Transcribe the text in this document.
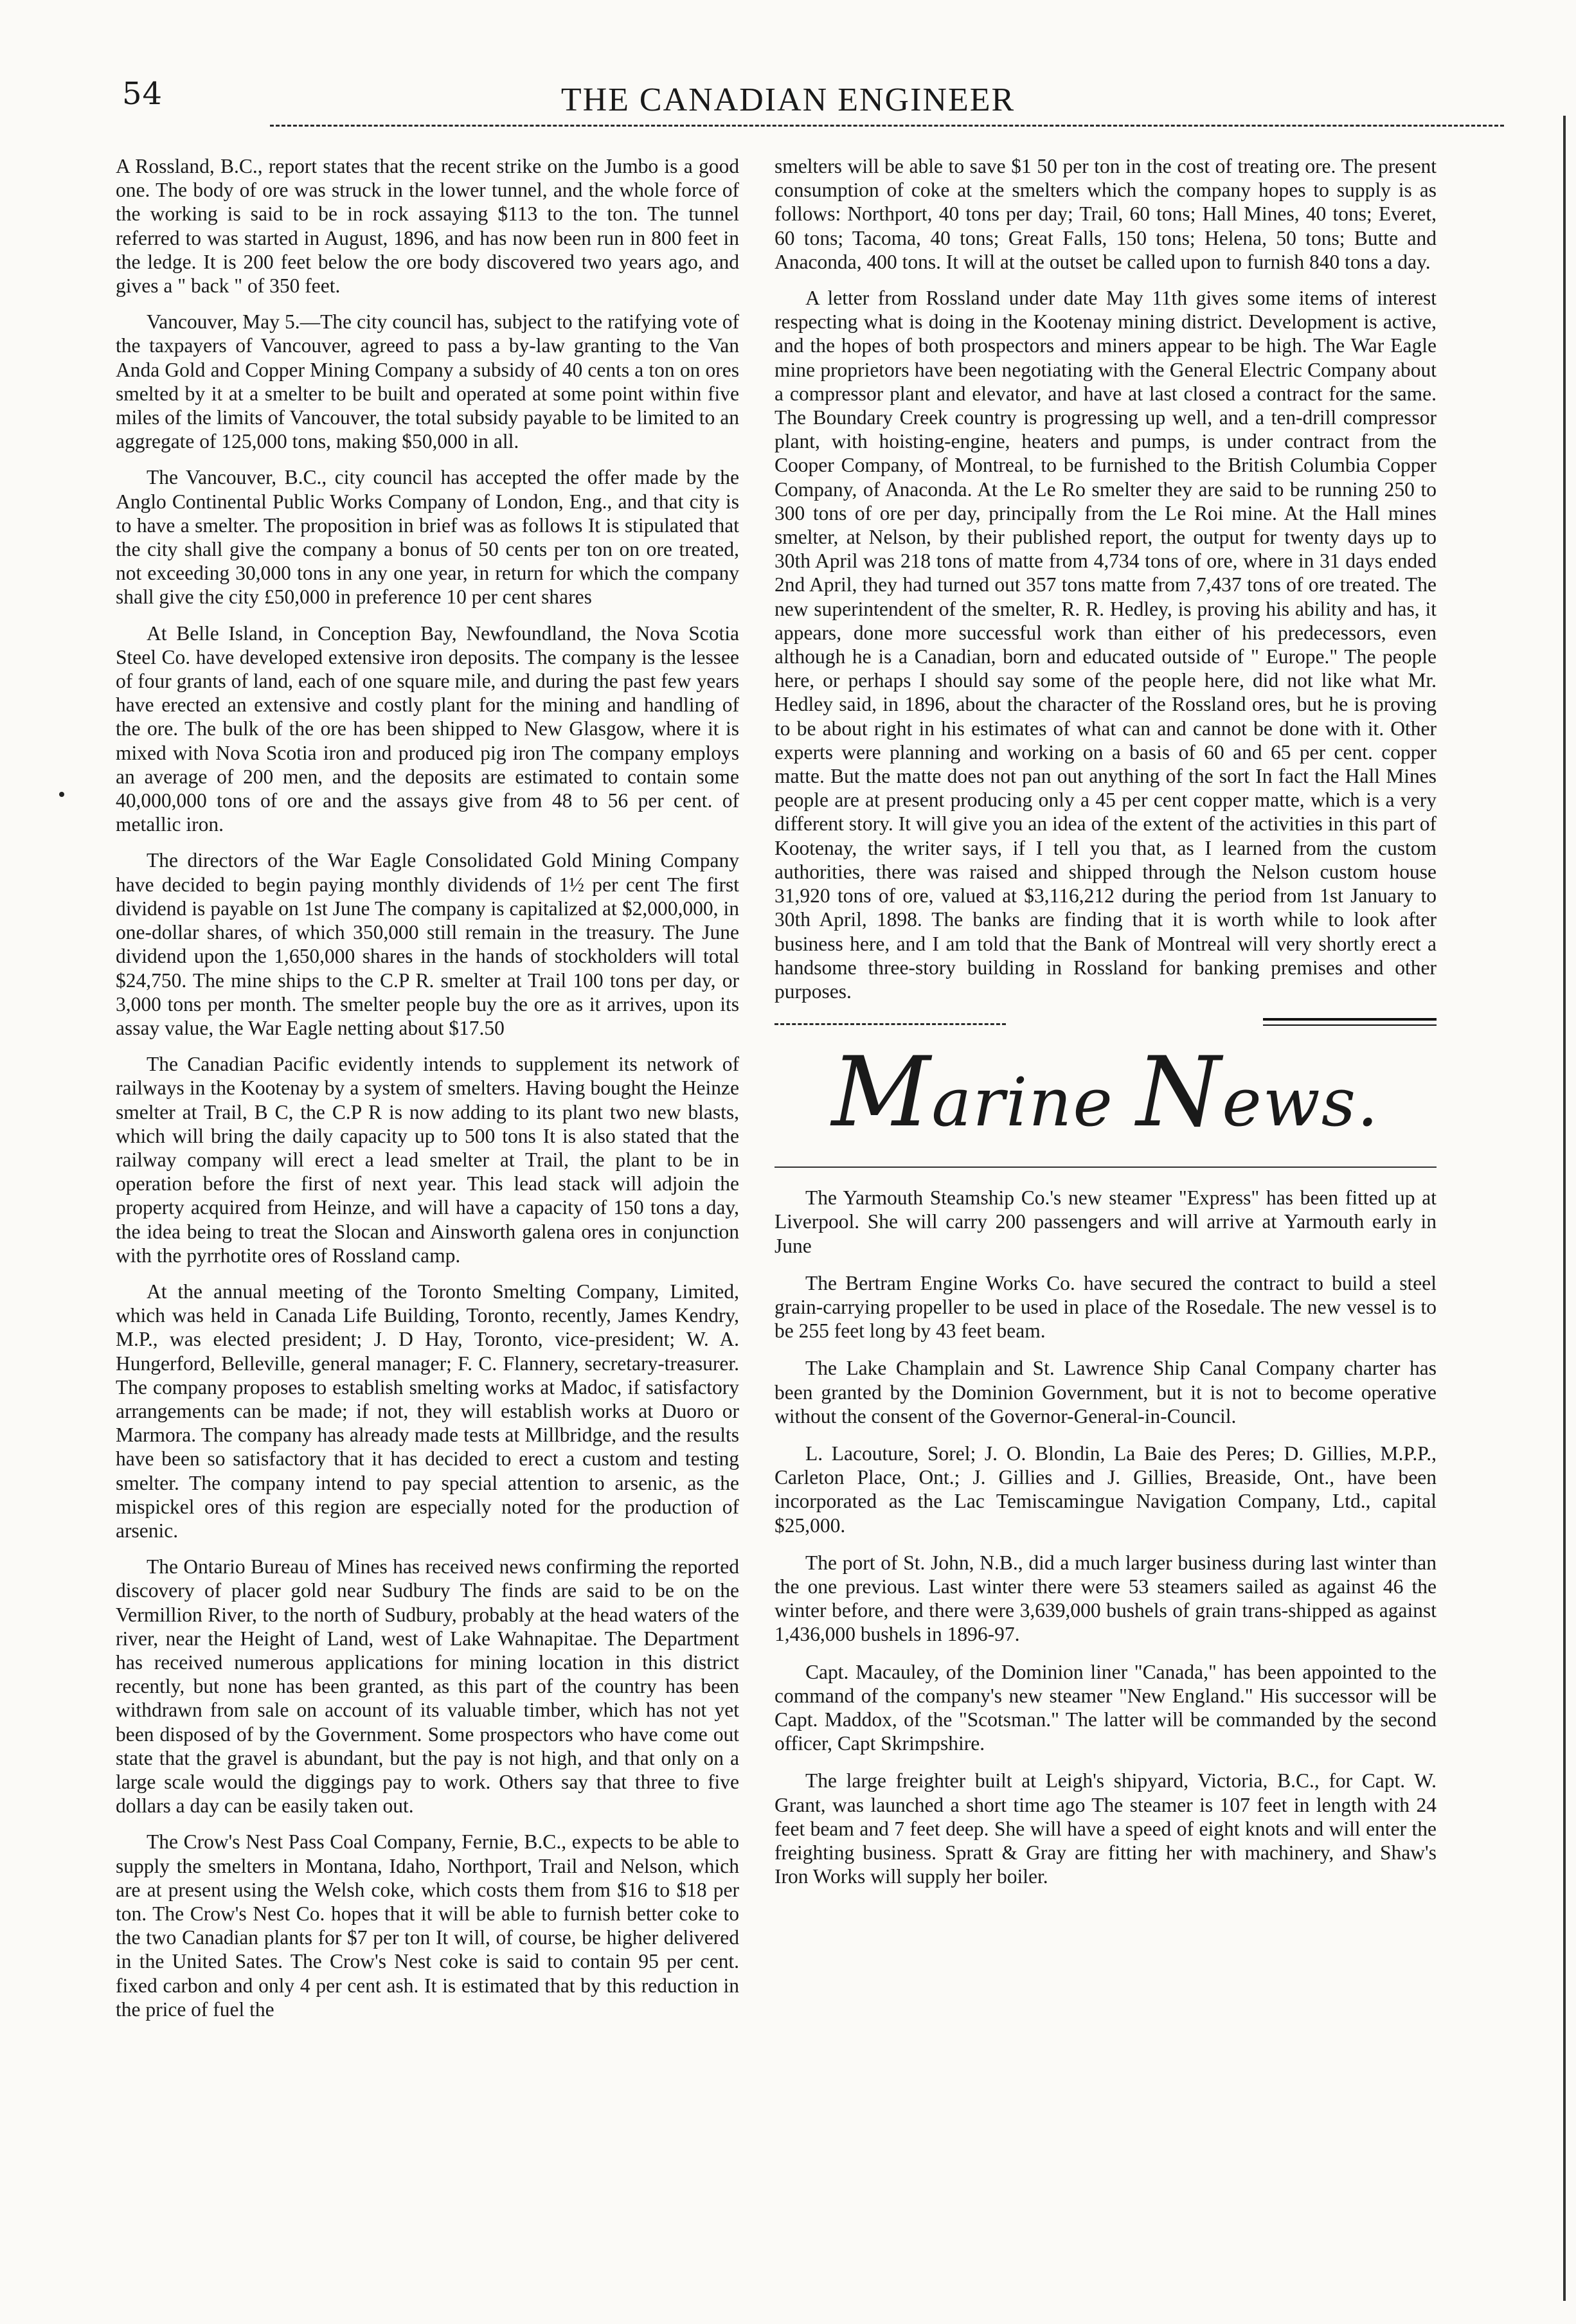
54	THE CANADIAN ENGINEER

A Rossland, B.C., report states that the recent strike on the Jumbo is a good one. The body of ore was struck in the lower tunnel, and the whole force of the working is said to be in rock assaying $113 to the ton. The tunnel referred to was started in August, 1896, and has now been run in 800 feet in the ledge. It is 200 feet below the ore body discovered two years ago, and gives a " back " of 350 feet.

Vancouver, May 5.—The city council has, subject to the ratifying vote of the taxpayers of Vancouver, agreed to pass a by-law granting to the Van Anda Gold and Copper Mining Company a subsidy of 40 cents a ton on ores smelted by it at a smelter to be built and operated at some point within five miles of the limits of Vancouver, the total subsidy payable to be limited to an aggregate of 125,000 tons, making $50,000 in all.

The Vancouver, B.C., city council has accepted the offer made by the Anglo Continental Public Works Company of London, Eng., and that city is to have a smelter. The proposition in brief was as follows It is stipulated that the city shall give the company a bonus of 50 cents per ton on ore treated, not exceeding 30,000 tons in any one year, in return for which the company shall give the city £50,000 in preference 10 per cent shares

At Belle Island, in Conception Bay, Newfoundland, the Nova Scotia Steel Co. have developed extensive iron deposits. The company is the lessee of four grants of land, each of one square mile, and during the past few years have erected an extensive and costly plant for the mining and handling of the ore. The bulk of the ore has been shipped to New Glasgow, where it is mixed with Nova Scotia iron and produced pig iron The company employs an average of 200 men, and the deposits are estimated to contain some 40,000,000 tons of ore and the assays give from 48 to 56 per cent. of metallic iron.

The directors of the War Eagle Consolidated Gold Mining Company have decided to begin paying monthly dividends of 1½ per cent The first dividend is payable on 1st June The company is capitalized at $2,000,000, in one-dollar shares, of which 350,000 still remain in the treasury. The June dividend upon the 1,650,000 shares in the hands of stockholders will total $24,750. The mine ships to the C.P R. smelter at Trail 100 tons per day, or 3,000 tons per month. The smelter people buy the ore as it arrives, upon its assay value, the War Eagle netting about $17.50

The Canadian Pacific evidently intends to supplement its network of railways in the Kootenay by a system of smelters. Having bought the Heinze smelter at Trail, B C, the C.P R is now adding to its plant two new blasts, which will bring the daily capacity up to 500 tons It is also stated that the railway company will erect a lead smelter at Trail, the plant to be in operation before the first of next year. This lead stack will adjoin the property acquired from Heinze, and will have a capacity of 150 tons a day, the idea being to treat the Slocan and Ainsworth galena ores in conjunction with the pyrrhotite ores of Rossland camp.

At the annual meeting of the Toronto Smelting Company, Limited, which was held in Canada Life Building, Toronto, recently, James Kendry, M.P., was elected president; J. D Hay, Toronto, vice-president; W. A. Hungerford, Belleville, general manager; F. C. Flannery, secretary-treasurer. The company proposes to establish smelting works at Madoc, if satisfactory arrangements can be made; if not, they will establish works at Duoro or Marmora. The company has already made tests at Millbridge, and the results have been so satisfactory that it has decided to erect a custom and testing smelter. The company intend to pay special attention to arsenic, as the mispickel ores of this region are especially noted for the production of arsenic.

The Ontario Bureau of Mines has received news confirming the reported discovery of placer gold near Sudbury The finds are said to be on the Vermillion River, to the north of Sudbury, probably at the head waters of the river, near the Height of Land, west of Lake Wahnapitae. The Department has received numerous applications for mining location in this district recently, but none has been granted, as this part of the country has been withdrawn from sale on account of its valuable timber, which has not yet been disposed of by the Government. Some prospectors who have come out state that the gravel is abundant, but the pay is not high, and that only on a large scale would the diggings pay to work. Others say that three to five dollars a day can be easily taken out.

The Crow's Nest Pass Coal Company, Fernie, B.C., expects to be able to supply the smelters in Montana, Idaho, Northport, Trail and Nelson, which are at present using the Welsh coke, which costs them from $16 to $18 per ton. The Crow's Nest Co. hopes that it will be able to furnish better coke to the two Canadian plants for $7 per ton It will, of course, be higher delivered in the United Sates. The Crow's Nest coke is said to contain 95 per cent. fixed carbon and only 4 per cent ash. It is estimated that by this reduction in the price of fuel the

smelters will be able to save $1 50 per ton in the cost of treating ore. The present consumption of coke at the smelters which the company hopes to supply is as follows: Northport, 40 tons per day; Trail, 60 tons; Hall Mines, 40 tons; Everet, 60 tons; Tacoma, 40 tons; Great Falls, 150 tons; Helena, 50 tons; Butte and Anaconda, 400 tons. It will at the outset be called upon to furnish 840 tons a day.

A letter from Rossland under date May 11th gives some items of interest respecting what is doing in the Kootenay mining district. Development is active, and the hopes of both prospectors and miners appear to be high. The War Eagle mine proprietors have been negotiating with the General Electric Company about a compressor plant and elevator, and have at last closed a contract for the same. The Boundary Creek country is progressing up well, and a ten-drill compressor plant, with hoisting-engine, heaters and pumps, is under contract from the Cooper Company, of Montreal, to be furnished to the British Columbia Copper Company, of Anaconda. At the Le Ro smelter they are said to be running 250 to 300 tons of ore per day, principally from the Le Roi mine. At the Hall mines smelter, at Nelson, by their published report, the output for twenty days up to 30th April was 218 tons of matte from 4,734 tons of ore, where in 31 days ended 2nd April, they had turned out 357 tons matte from 7,437 tons of ore treated. The new superintendent of the smelter, R. R. Hedley, is proving his ability and has, it appears, done more successful work than either of his predecessors, even although he is a Canadian, born and educated outside of " Europe." The people here, or perhaps I should say some of the people here, did not like what Mr. Hedley said, in 1896, about the character of the Rossland ores, but he is proving to be about right in his estimates of what can and cannot be done with it. Other experts were planning and working on a basis of 60 and 65 per cent. copper matte. But the matte does not pan out anything of the sort In fact the Hall Mines people are at present producing only a 45 per cent copper matte, which is a very different story. It will give you an idea of the extent of the activities in this part of Kootenay, the writer says, if I tell you that, as I learned from the custom authorities, there was raised and shipped through the Nelson custom house 31,920 tons of ore, valued at $3,116,212 during the period from 1st January to 30th April, 1898. The banks are finding that it is worth while to look after business here, and I am told that the Bank of Montreal will very shortly erect a handsome three-story building in Rossland for banking premises and other purposes.

Marine News.

The Yarmouth Steamship Co.'s new steamer "Express" has been fitted up at Liverpool. She will carry 200 passengers and will arrive at Yarmouth early in June

The Bertram Engine Works Co. have secured the contract to build a steel grain-carrying propeller to be used in place of the Rosedale. The new vessel is to be 255 feet long by 43 feet beam.

The Lake Champlain and St. Lawrence Ship Canal Company charter has been granted by the Dominion Government, but it is not to become operative without the consent of the Governor-General-in-Council.

L. Lacouture, Sorel; J. O. Blondin, La Baie des Peres; D. Gillies, M.P.P., Carleton Place, Ont.; J. Gillies and J. Gillies, Breaside, Ont., have been incorporated as the Lac Temiscamingue Navigation Company, Ltd., capital $25,000.

The port of St. John, N.B., did a much larger business during last winter than the one previous. Last winter there were 53 steamers sailed as against 46 the winter before, and there were 3,639,000 bushels of grain trans-shipped as against 1,436,000 bushels in 1896-97.

Capt. Macauley, of the Dominion liner "Canada," has been appointed to the command of the company's new steamer "New England." His successor will be Capt. Maddox, of the "Scotsman." The latter will be commanded by the second officer, Capt Skrimpshire.

The large freighter built at Leigh's shipyard, Victoria, B.C., for Capt. W. Grant, was launched a short time ago The steamer is 107 feet in length with 24 feet beam and 7 feet deep. She will have a speed of eight knots and will enter the freighting business. Spratt & Gray are fitting her with machinery, and Shaw's Iron Works will supply her boiler.
